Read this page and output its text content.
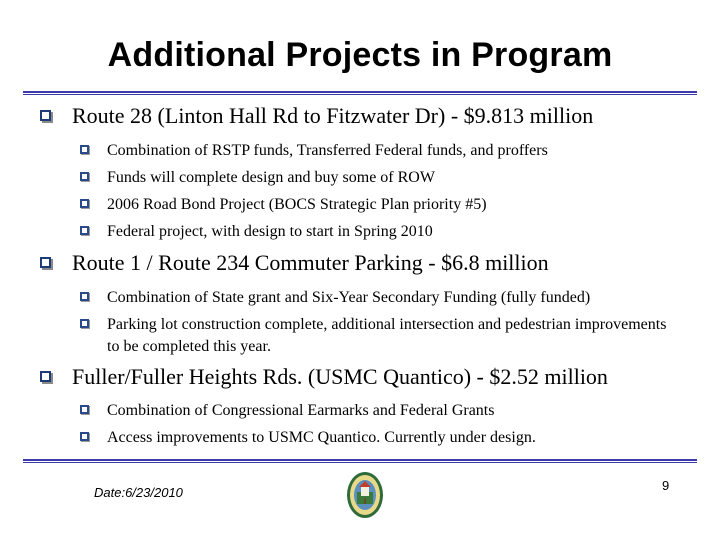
Additional Projects in Program
Route 28 (Linton Hall Rd to Fitzwater Dr) - $9.813 million
Combination of RSTP funds, Transferred Federal funds, and proffers
Funds will complete design and buy some of ROW
2006 Road Bond Project (BOCS Strategic Plan priority #5)
Federal project, with design to start in Spring 2010
Route 1 / Route 234 Commuter Parking - $6.8 million
Combination of State grant and Six-Year Secondary Funding (fully funded)
Parking lot construction complete, additional intersection and pedestrian improvements to be completed this year.
Fuller/Fuller Heights Rds. (USMC Quantico) - $2.52 million
Combination of Congressional Earmarks and Federal Grants
Access improvements to USMC Quantico. Currently under design.
Date:6/23/2010	9
